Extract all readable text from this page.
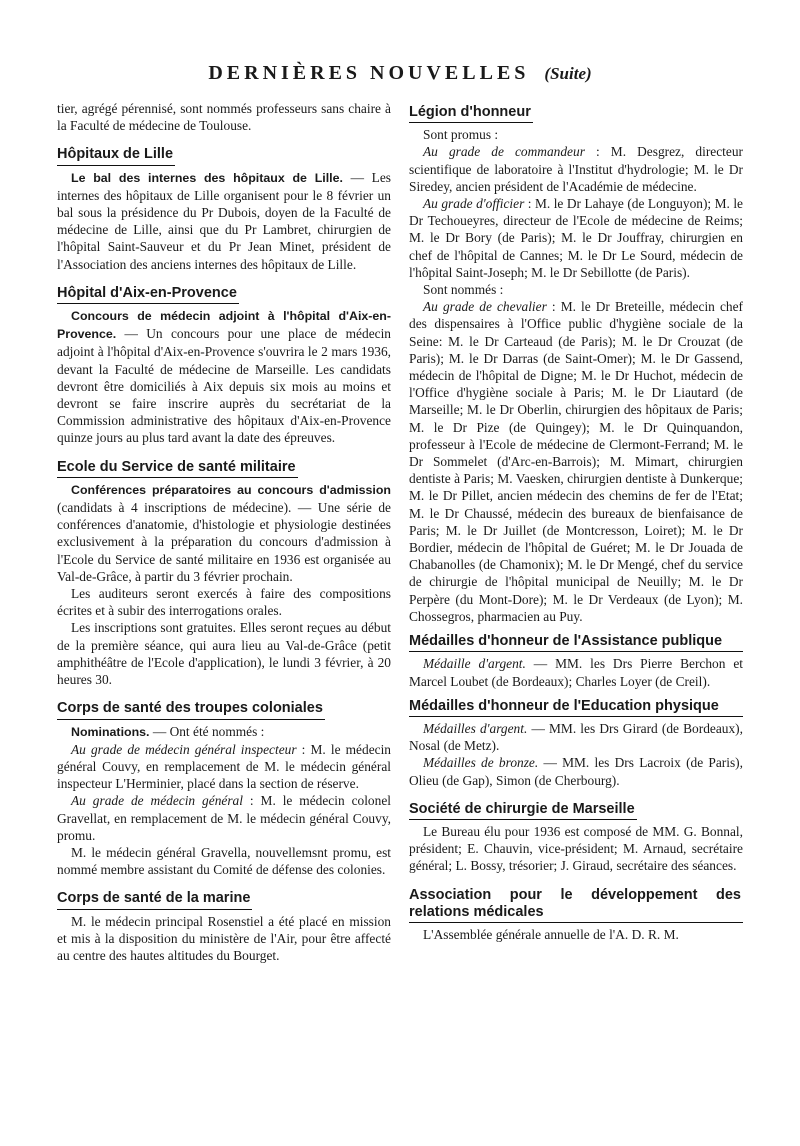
DERNIÈRES NOUVELLES (Suite)

tier, agrégé pérennisé, sont nommés professeurs sans chaire à la Faculté de médecine de Toulouse.

Hôpitaux de Lille

Le bal des internes des hôpitaux de Lille. — Les internes des hôpitaux de Lille organisent pour le 8 février un bal sous la présidence du Pr Dubois, doyen de la Faculté de médecine de Lille, ainsi que du Pr Lambret, chirurgien de l'hôpital Saint-Sauveur et du Pr Jean Minet, président de l'Association des anciens internes des hôpitaux de Lille.

Hôpital d'Aix-en-Provence

Concours de médecin adjoint à l'hôpital d'Aix-en-Provence. — Un concours pour une place de médecin adjoint à l'hôpital d'Aix-en-Provence s'ouvrira le 2 mars 1936, devant la Faculté de médecine de Marseille. Les candidats devront être domiciliés à Aix depuis six mois au moins et devront se faire inscrire auprès du secrétariat de la Commission administrative des hôpitaux d'Aix-en-Provence quinze jours au plus tard avant la date des épreuves.

Ecole du Service de santé militaire

Conférences préparatoires au concours d'admission (candidats à 4 inscriptions de médecine). — Une série de conférences d'anatomie, d'histologie et physiologie destinées exclusivement à la préparation du concours d'admission à l'Ecole du Service de santé militaire en 1936 est organisée au Val-de-Grâce, à partir du 3 février prochain.

Les auditeurs seront exercés à faire des compositions écrites et à subir des interrogations orales.

Les inscriptions sont gratuites. Elles seront reçues au début de la première séance, qui aura lieu au Val-de-Grâce (petit amphithéâtre de l'Ecole d'application), le lundi 3 février, à 20 heures 30.

Corps de santé des troupes coloniales

Nominations. — Ont été nommés :

Au grade de médecin général inspecteur : M. le médecin général Couvy, en remplacement de M. le médecin général inspecteur L'Herminier, placé dans la section de réserve.

Au grade de médecin général : M. le médecin colonel Gravellat, en remplacement de M. le médecin général Couvy, promu.

M. le médecin général Gravella, nouvellemsnt promu, est nommé membre assistant du Comité de défense des colonies.

Corps de santé de la marine

M. le médecin principal Rosenstiel a été placé en mission et mis à la disposition du ministère de l'Air, pour être affecté au centre des hautes altitudes du Bourget.

Légion d'honneur

Sont promus :

Au grade de commandeur : M. Desgrez, directeur scientifique de laboratoire à l'Institut d'hydrologie; M. le Dr Siredey, ancien président de l'Académie de médecine.

Au grade d'officier : M. le Dr Lahaye (de Longuyon); M. le Dr Techoueyres, directeur de l'Ecole de médecine de Reims; M. le Dr Bory (de Paris); M. le Dr Jouffray, chirurgien en chef de l'hôpital de Cannes; M. le Dr Le Sourd, médecin de l'hôpital Saint-Joseph; M. le Dr Sebillotte (de Paris).

Sont nommés :

Au grade de chevalier : M. le Dr Breteille, médecin chef des dispensaires à l'Office public d'hygiène sociale de la Seine: M. le Dr Carteaud (de Paris); M. le Dr Crouzat (de Paris); M. le Dr Darras (de Saint-Omer); M. le Dr Gassend, médecin de l'hôpital de Digne; M. le Dr Huchot, médecin de l'Office d'hygiène sociale à Paris; M. le Dr Liautard (de Marseille; M. le Dr Oberlin, chirurgien des hôpitaux de Paris; M. le Dr Pize (de Quingey); M. le Dr Quinquandon, professeur à l'Ecole de médecine de Clermont-Ferrand; M. le Dr Sommelet (d'Arc-en-Barrois); M. Mimart, chirurgien dentiste à Paris; M. Vaesken, chirurgien dentiste à Dunkerque; M. le Dr Pillet, ancien médecin des chemins de fer de l'Etat; M. le Dr Chaussé, médecin des bureaux de bienfaisance de Paris; M. le Dr Juillet (de Montcresson, Loiret); M. le Dr Bordier, médecin de l'hôpital de Guéret; M. le Dr Jouada de Chabanolles (de Chamonix); M. le Dr Mengé, chef du service de chirurgie de l'hôpital municipal de Neuilly; M. le Dr Perpère (du Mont-Dore); M. le Dr Verdeaux (de Lyon); M. Chossegros, pharmacien au Puy.

Médailles d'honneur de l'Assistance publique

Médaille d'argent. — MM. les Drs Pierre Berchon et Marcel Loubet (de Bordeaux); Charles Loyer (de Creil).

Médailles d'honneur de l'Education physique

Médailles d'argent. — MM. les Drs Girard (de Bordeaux), Nosal (de Metz).

Médailles de bronze. — MM. les Drs Lacroix (de Paris), Olieu (de Gap), Simon (de Cherbourg).

Société de chirurgie de Marseille

Le Bureau élu pour 1936 est composé de MM. G. Bonnal, président; E. Chauvin, vice-président; M. Arnaud, secrétaire général; L. Bossy, trésorier; J. Giraud, secrétaire des séances.

Association pour le développement des relations médicales

L'Assemblée générale annuelle de l'A. D. R. M.
